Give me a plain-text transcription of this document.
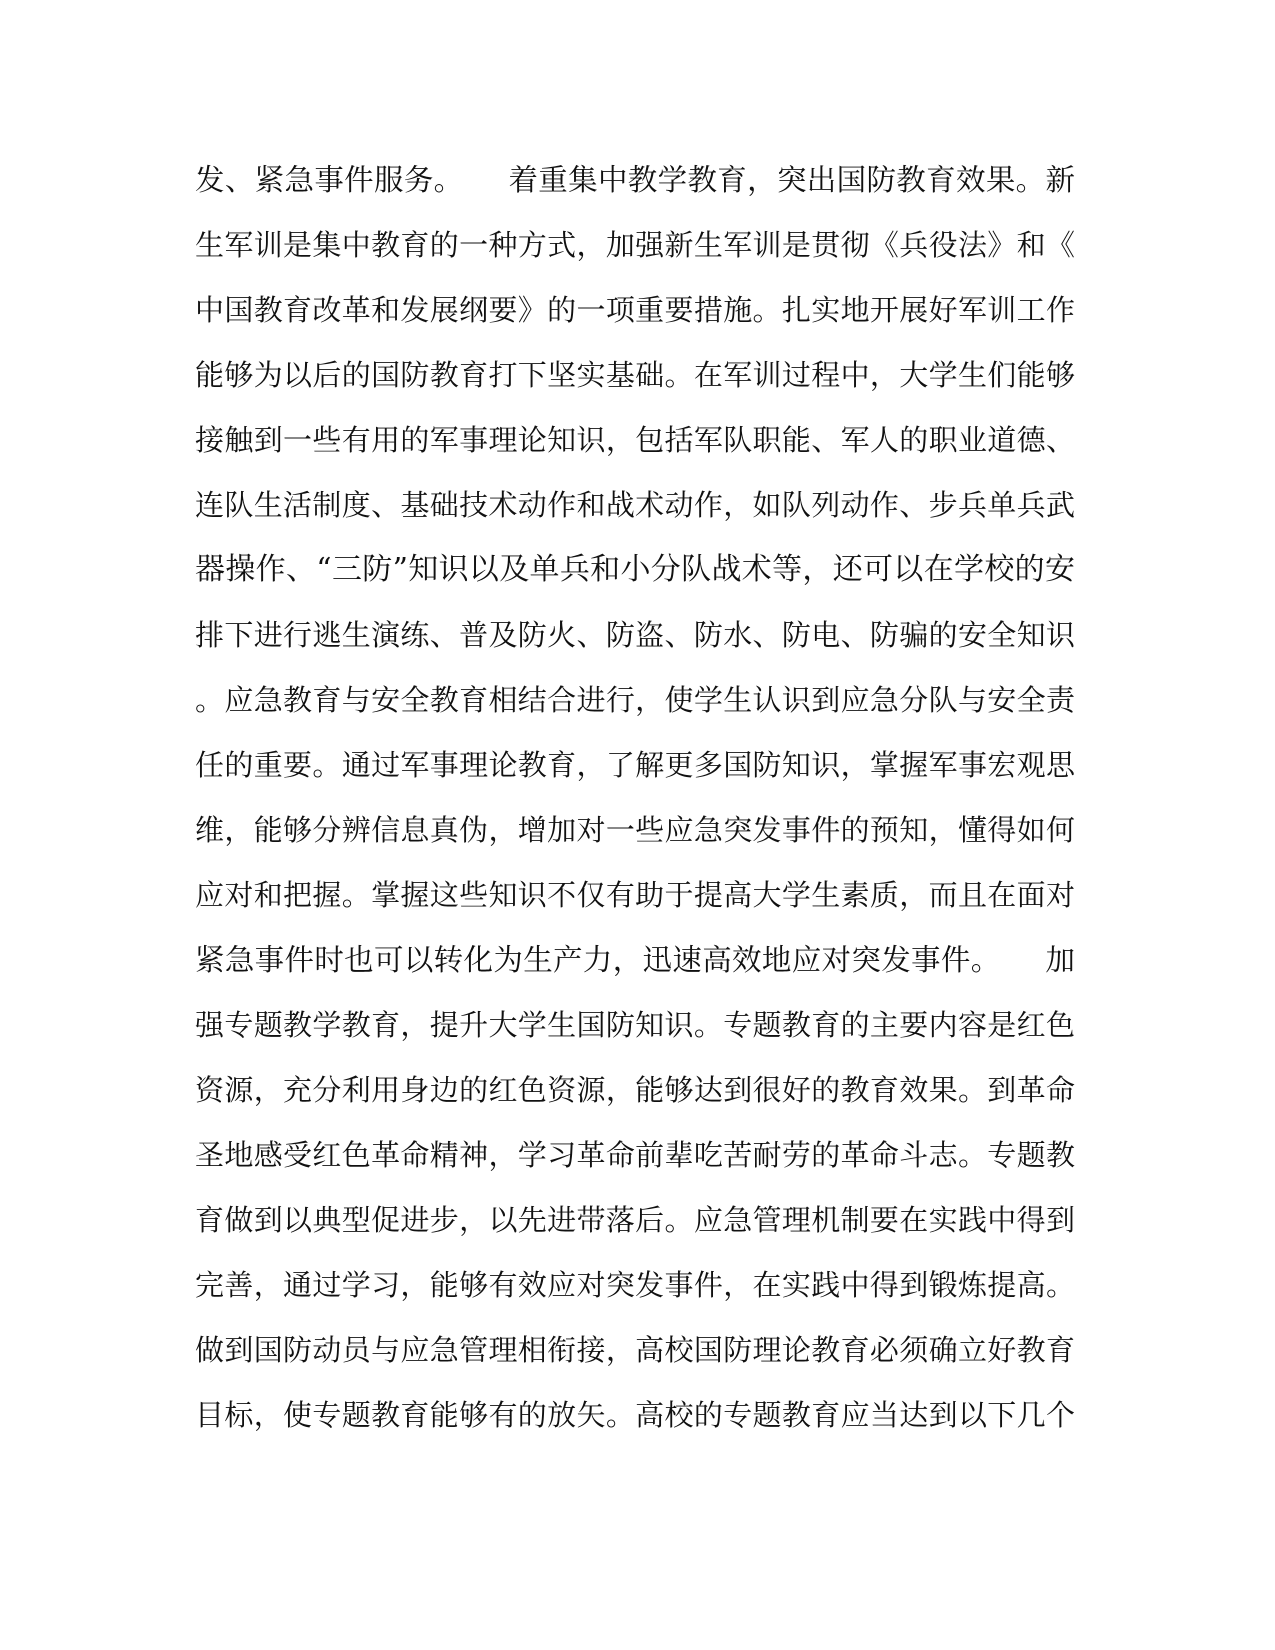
发、紧急事件服务。　　着重集中教学教育，突出国防教育效果。新
生军训是集中教育的一种方式，加强新生军训是贯彻《兵役法》和《
中国教育改革和发展纲要》的一项重要措施。扎实地开展好军训工作
能够为以后的国防教育打下坚实基础。在军训过程中，大学生们能够
接触到一些有用的军事理论知识，包括军队职能、军人的职业道德、
连队生活制度、基础技术动作和战术动作，如队列动作、步兵单兵武
器操作、“三防”知识以及单兵和小分队战术等，还可以在学校的安
排下进行逃生演练、普及防火、防盗、防水、防电、防骗的安全知识
。应急教育与安全教育相结合进行，使学生认识到应急分队与安全责
任的重要。通过军事理论教育，了解更多国防知识，掌握军事宏观思
维，能够分辨信息真伪，增加对一些应急突发事件的预知，懂得如何
应对和把握。掌握这些知识不仅有助于提高大学生素质，而且在面对
紧急事件时也可以转化为生产力，迅速高效地应对突发事件。　　加
强专题教学教育，提升大学生国防知识。专题教育的主要内容是红色
资源，充分利用身边的红色资源，能够达到很好的教育效果。到革命
圣地感受红色革命精神，学习革命前辈吃苦耐劳的革命斗志。专题教
育做到以典型促进步，以先进带落后。应急管理机制要在实践中得到
完善，通过学习，能够有效应对突发事件，在实践中得到锻炼提高。
做到国防动员与应急管理相衔接，高校国防理论教育必须确立好教育
目标，使专题教育能够有的放矢。高校的专题教育应当达到以下几个
